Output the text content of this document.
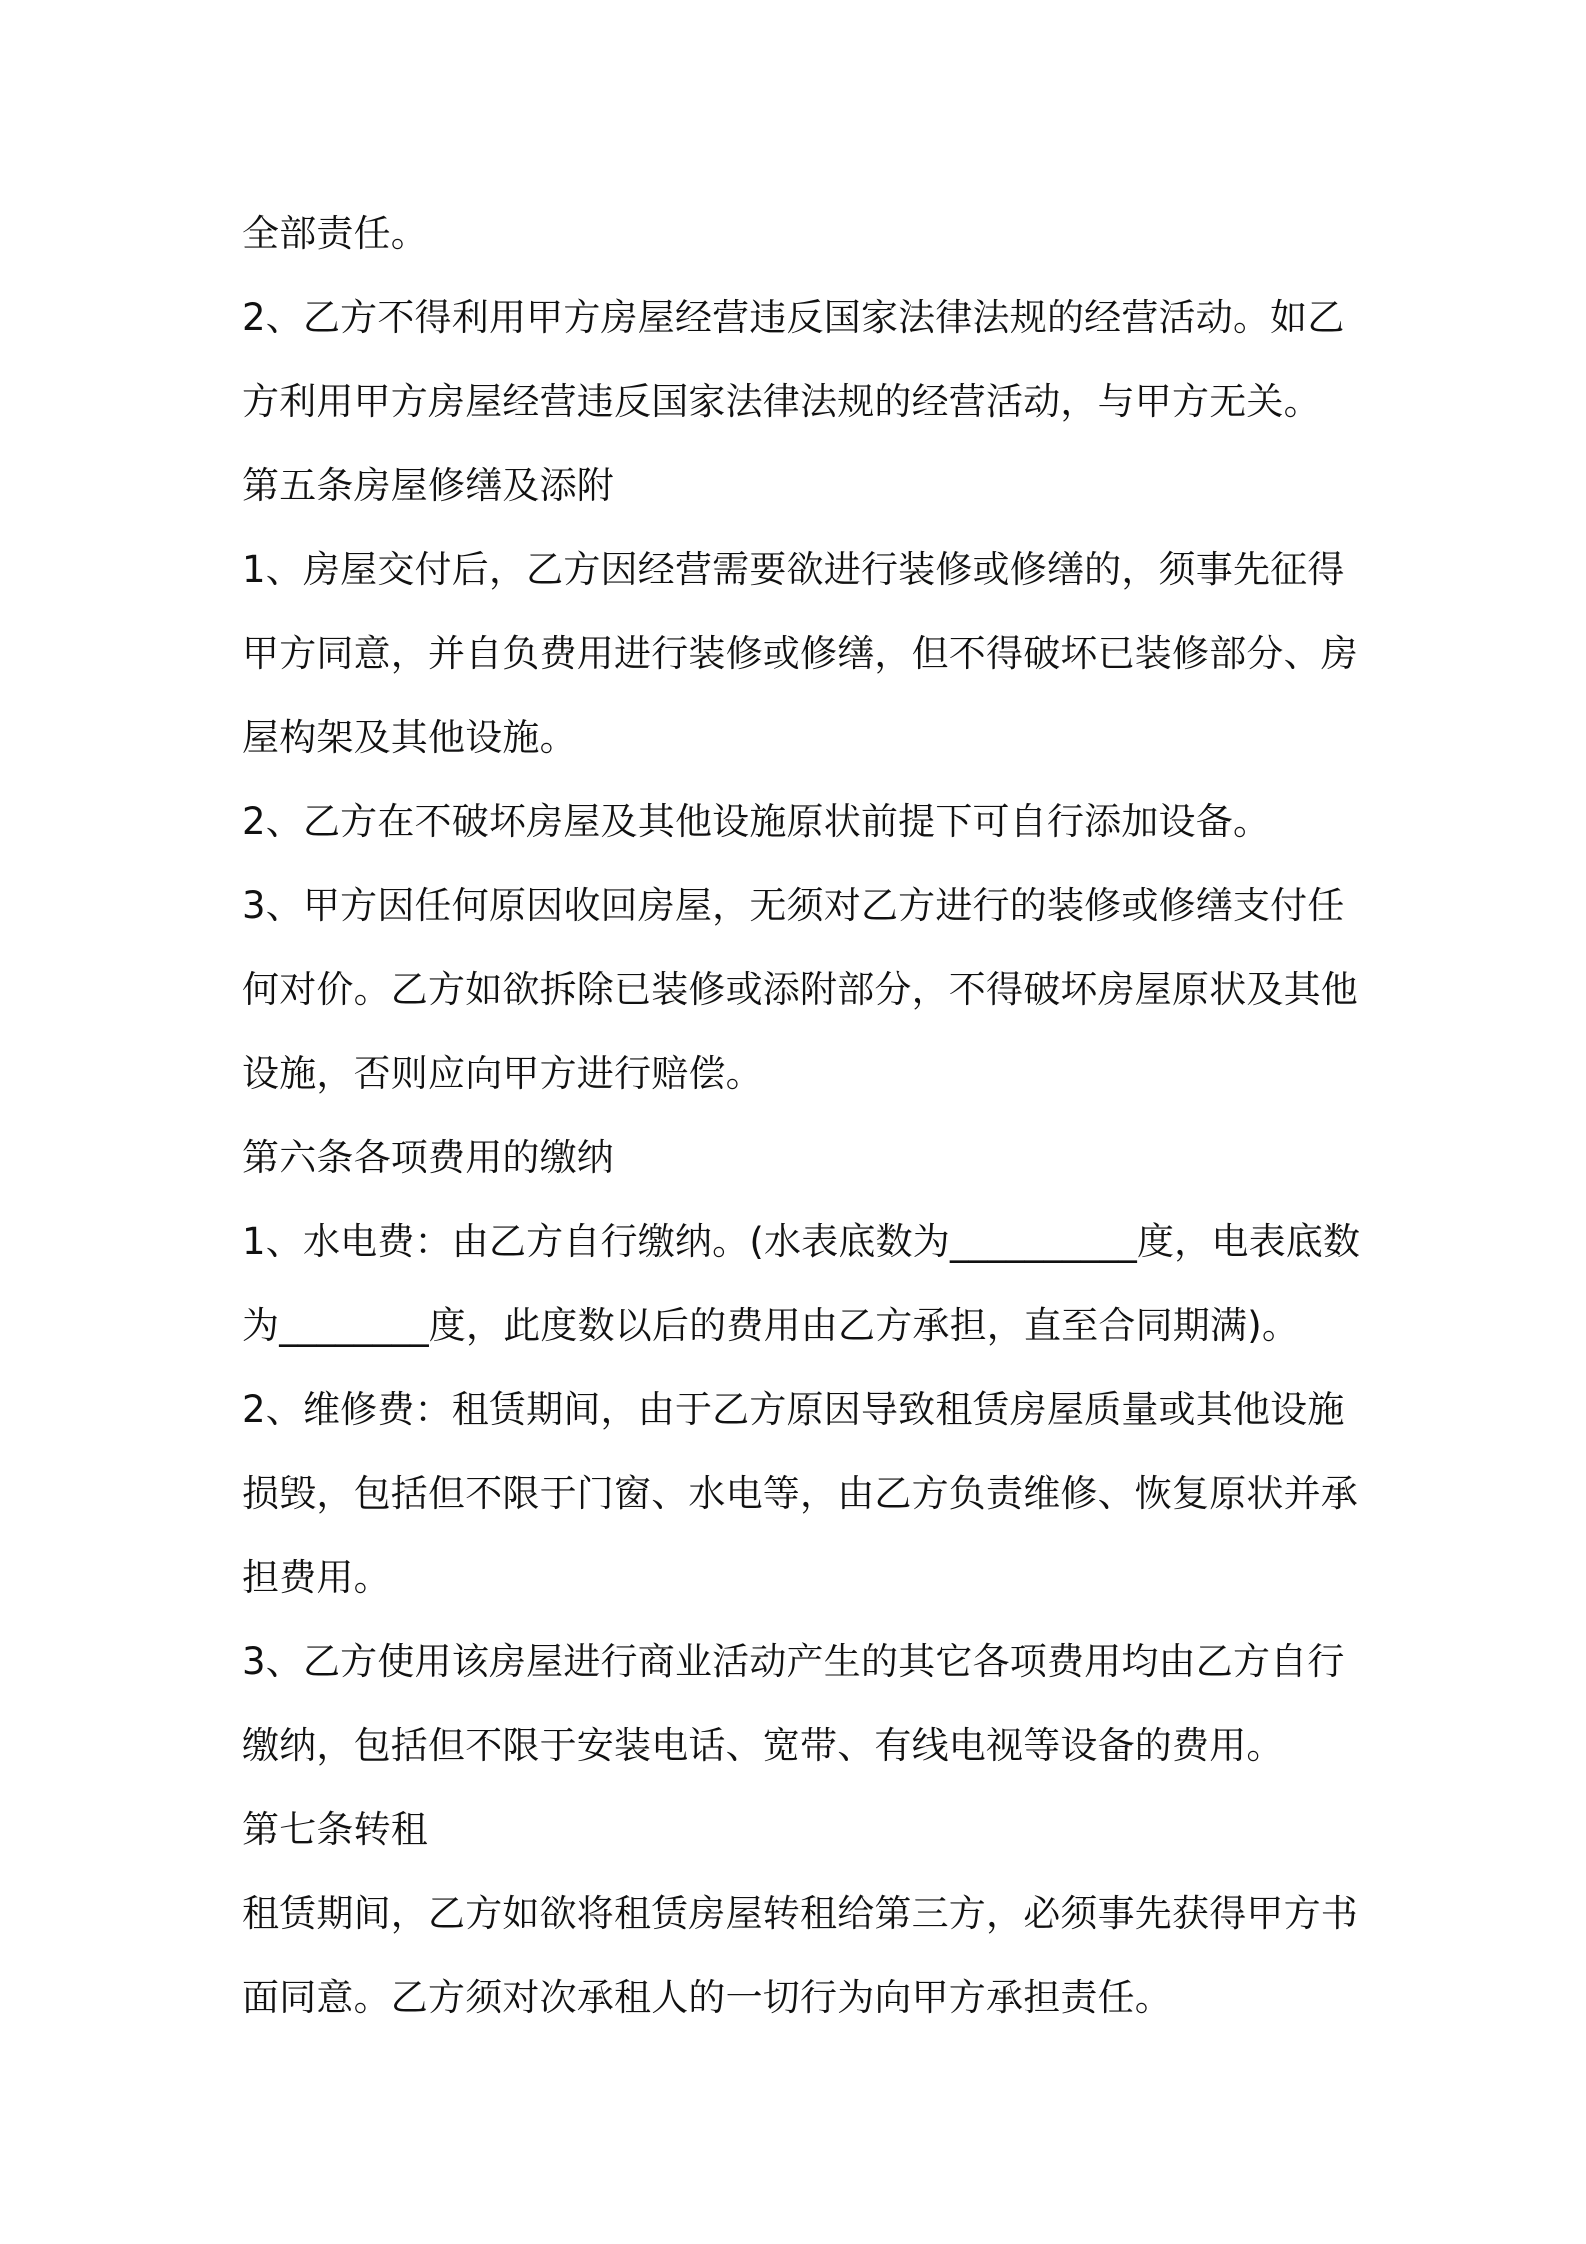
全部责任。
2、乙方不得利用甲方房屋经营违反国家法律法规的经营活动。如乙
方利用甲方房屋经营违反国家法律法规的经营活动，与甲方无关。
第五条房屋修缮及添附
1、房屋交付后，乙方因经营需要欲进行装修或修缮的，须事先征得
甲方同意，并自负费用进行装修或修缮，但不得破坏已装修部分、房
屋构架及其他设施。
2、乙方在不破坏房屋及其他设施原状前提下可自行添加设备。
3、甲方因任何原因收回房屋，无须对乙方进行的装修或修缮支付任
何对价。乙方如欲拆除已装修或添附部分，不得破坏房屋原状及其他
设施，否则应向甲方进行赔偿。
第六条各项费用的缴纳
1、水电费：由乙方自行缴纳。(水表底数为__________度，电表底数
为________度，此度数以后的费用由乙方承担，直至合同期满)。
2、维修费：租赁期间，由于乙方原因导致租赁房屋质量或其他设施
损毁，包括但不限于门窗、水电等，由乙方负责维修、恢复原状并承
担费用。
3、乙方使用该房屋进行商业活动产生的其它各项费用均由乙方自行
缴纳，包括但不限于安装电话、宽带、有线电视等设备的费用。
第七条转租
租赁期间，乙方如欲将租赁房屋转租给第三方，必须事先获得甲方书
面同意。乙方须对次承租人的一切行为向甲方承担责任。
